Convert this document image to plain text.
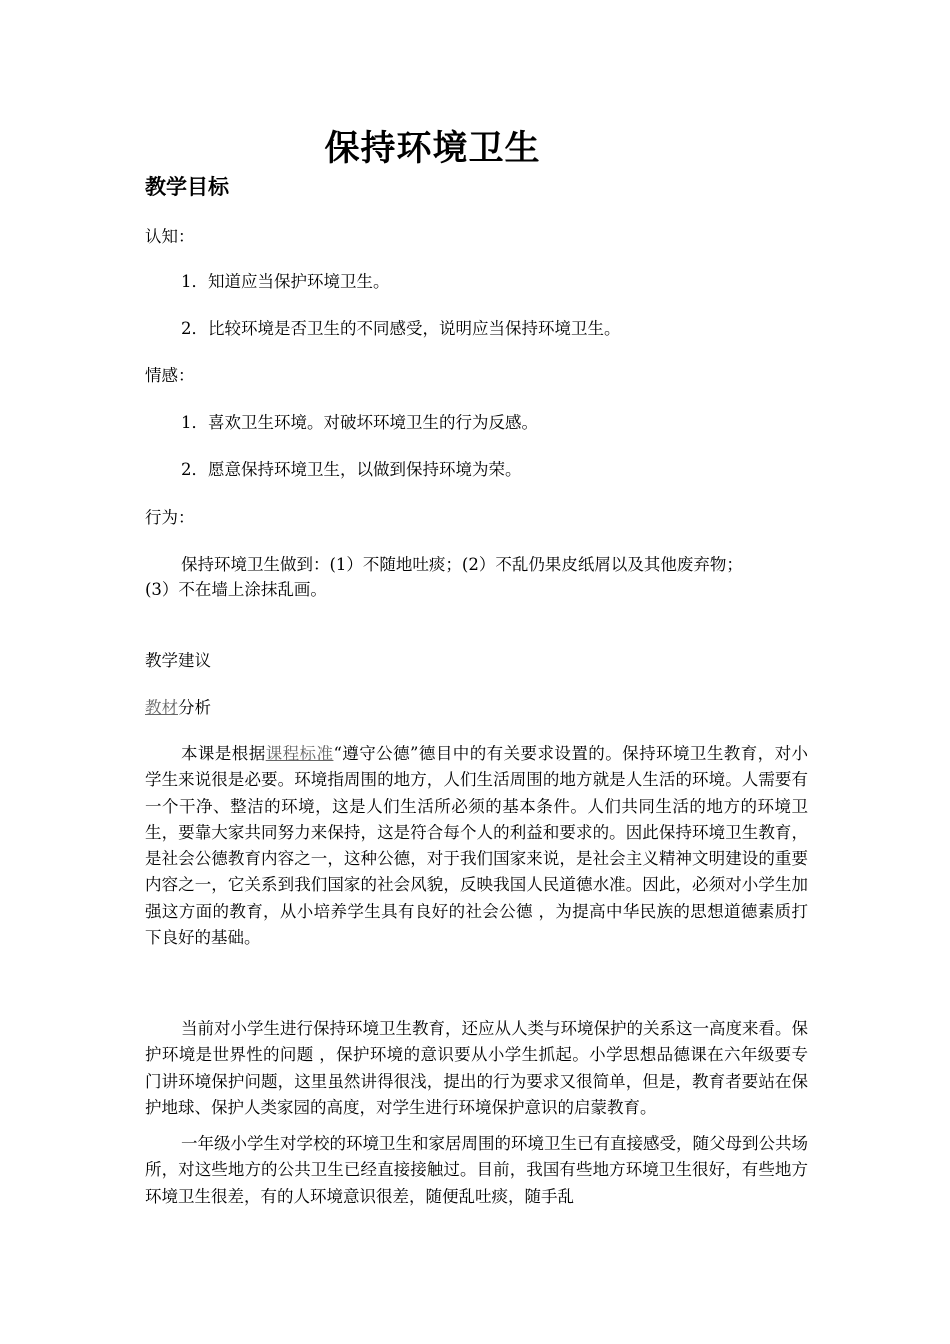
保持环境卫生
教学目标

认知：

1．知道应当保护环境卫生。

2．比较环境是否卫生的不同感受，说明应当保持环境卫生。

情感：

1．喜欢卫生环境。对破坏环境卫生的行为反感。

2．愿意保持环境卫生，以做到保持环境为荣。

行为：

保持环境卫生做到：(1）不随地吐痰；(2）不乱仍果皮纸屑以及其他废弃物；

(3）不在墙上涂抹乱画。

教学建议

教材分析

本课是根据课程标准“遵守公德”德目中的有关要求设置的。保持环境卫生教育，对小学生来说很是必要。环境指周围的地方，人们生活周围的地方就是人生活的环境。人需要有一个干净、整洁的环境，这是人们生活所必须的基本条件。人们共同生活的地方的环境卫生，要靠大家共同努力来保持，这是符合每个人的利益和要求的。因此保持环境卫生教育，是社会公德教育内容之一，这种公德，对于我们国家来说，是社会主义精神文明建设的重要内容之一，它关系到我们国家的社会风貌，反映我国人民道德水准。因此，必须对小学生加强这方面的教育，从小培养学生具有良好的社会公德 ，为提高中华民族的思想道德素质打下良好的基础。

当前对小学生进行保持环境卫生教育，还应从人类与环境保护的关系这一高度来看。保护环境是世界性的问题 ，保护环境的意识要从小学生抓起。小学思想品德课在六年级要专门讲环境保护问题，这里虽然讲得很浅，提出的行为要求又很简单，但是，教育者要站在保护地球、保护人类家园的高度，对学生进行环境保护意识的启蒙教育。

一年级小学生对学校的环境卫生和家居周围的环境卫生已有直接感受，随父母到公共场所，对这些地方的公共卫生已经直接接触过。目前，我国有些地方环境卫生很好，有些地方环境卫生很差，有的人环境意识很差，随便乱吐痰，随手乱
